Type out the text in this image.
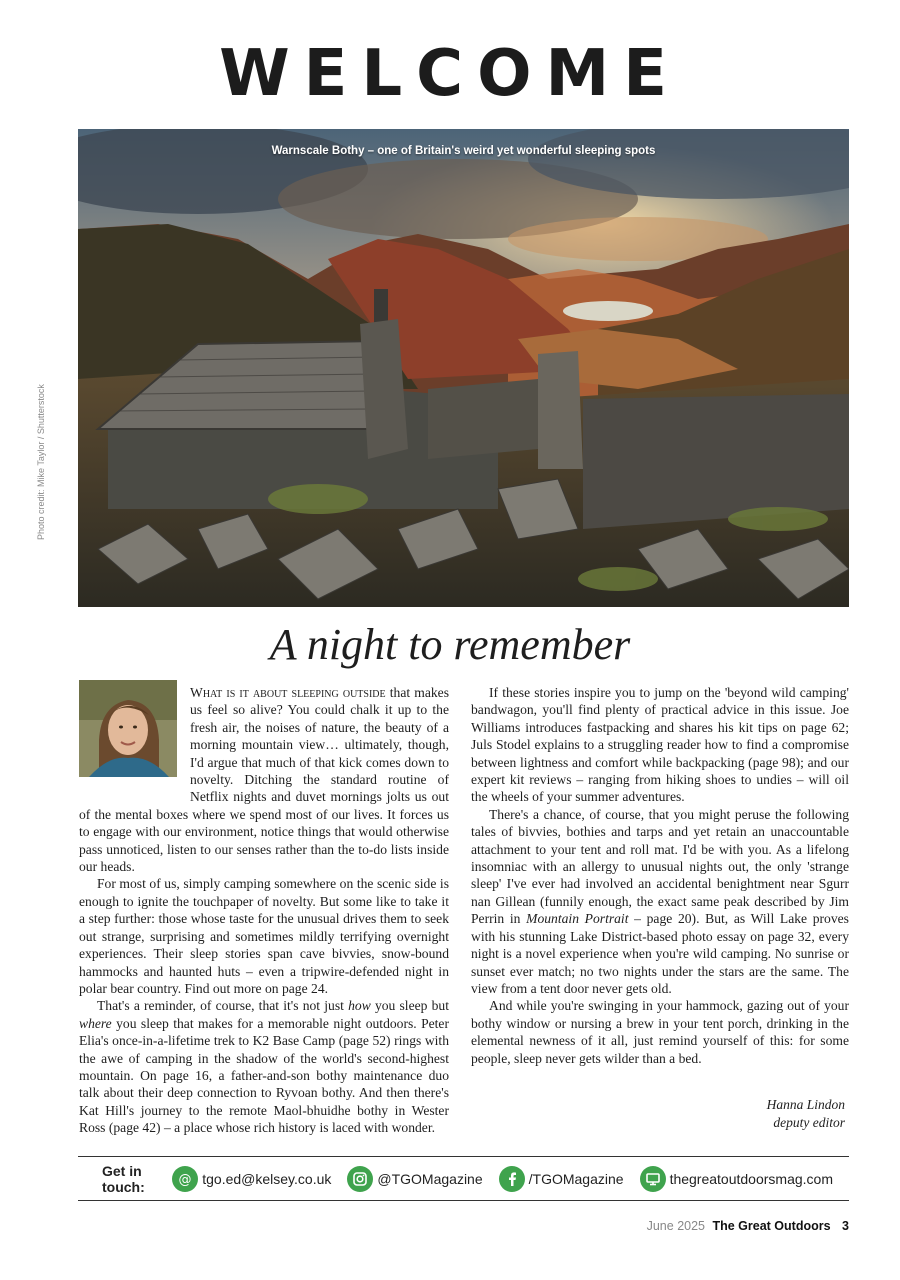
WELCOME
Warnscale Bothy – one of Britain's weird yet wonderful sleeping spots
Photo credit: Mike Taylor / Shutterstock
A night to remember

What is it about sleeping outside that makes us feel so alive? You could chalk it up to the fresh air, the noises of nature, the beauty of a morning mountain view… ultimately, though, I'd argue that much of that kick comes down to novelty. Ditching the standard routine of Netflix nights and duvet mornings jolts us out of the mental boxes where we spend most of our lives. It forces us to engage with our environment, notice things that would otherwise pass unnoticed, listen to our senses rather than the to-do lists inside our heads.

For most of us, simply camping somewhere on the scenic side is enough to ignite the touchpaper of novelty. But some like to take it a step further: those whose taste for the unusual drives them to seek out strange, surprising and sometimes mildly terrifying overnight experiences. Their sleep stories span cave bivvies, snow-bound hammocks and haunted huts – even a tripwire-defended night in polar bear country. Find out more on page 24.

That's a reminder, of course, that it's not just how you sleep but where you sleep that makes for a memorable night outdoors. Peter Elia's once-in-a-lifetime trek to K2 Base Camp (page 52) rings with the awe of camping in the shadow of the world's second-highest mountain. On page 16, a father-and-son bothy maintenance duo talk about their deep connection to Ryvoan bothy. And then there's Kat Hill's journey to the remote Maol-bhuidhe bothy in Wester Ross (page 42) – a place whose rich history is laced with wonder.

If these stories inspire you to jump on the 'beyond wild camping' bandwagon, you'll find plenty of practical advice in this issue. Joe Williams introduces fastpacking and shares his kit tips on page 62; Juls Stodel explains to a struggling reader how to find a compromise between lightness and comfort while backpacking (page 98); and our expert kit reviews – ranging from hiking shoes to undies – will oil the wheels of your summer adventures.

There's a chance, of course, that you might peruse the following tales of bivvies, bothies and tarps and yet retain an unaccountable attachment to your tent and roll mat. I'd be with you. As a lifelong insomniac with an allergy to unusual nights out, the only 'strange sleep' I've ever had involved an accidental benightment near Sgurr nan Gillean (funnily enough, the exact same peak described by Jim Perrin in Mountain Portrait – page 20). But, as Will Lake proves with his stunning Lake District-based photo essay on page 32, every night is a novel experience when you're wild camping. No sunrise or sunset ever match; no two nights under the stars are the same. The view from a tent door never gets old.

And while you're swinging in your hammock, gazing out of your bothy window or nursing a brew in your tent porch, drinking in the elemental newness of it all, just remind yourself of this: for some people, sleep never gets wilder than a bed.

Hanna Lindon
deputy editor
Get in touch:	@ tgo.ed@kelsey.co.uk	@TGOMagazine	/TGOMagazine	thegreatoutdoorsmag.com
June 2025 The Great Outdoors 3
